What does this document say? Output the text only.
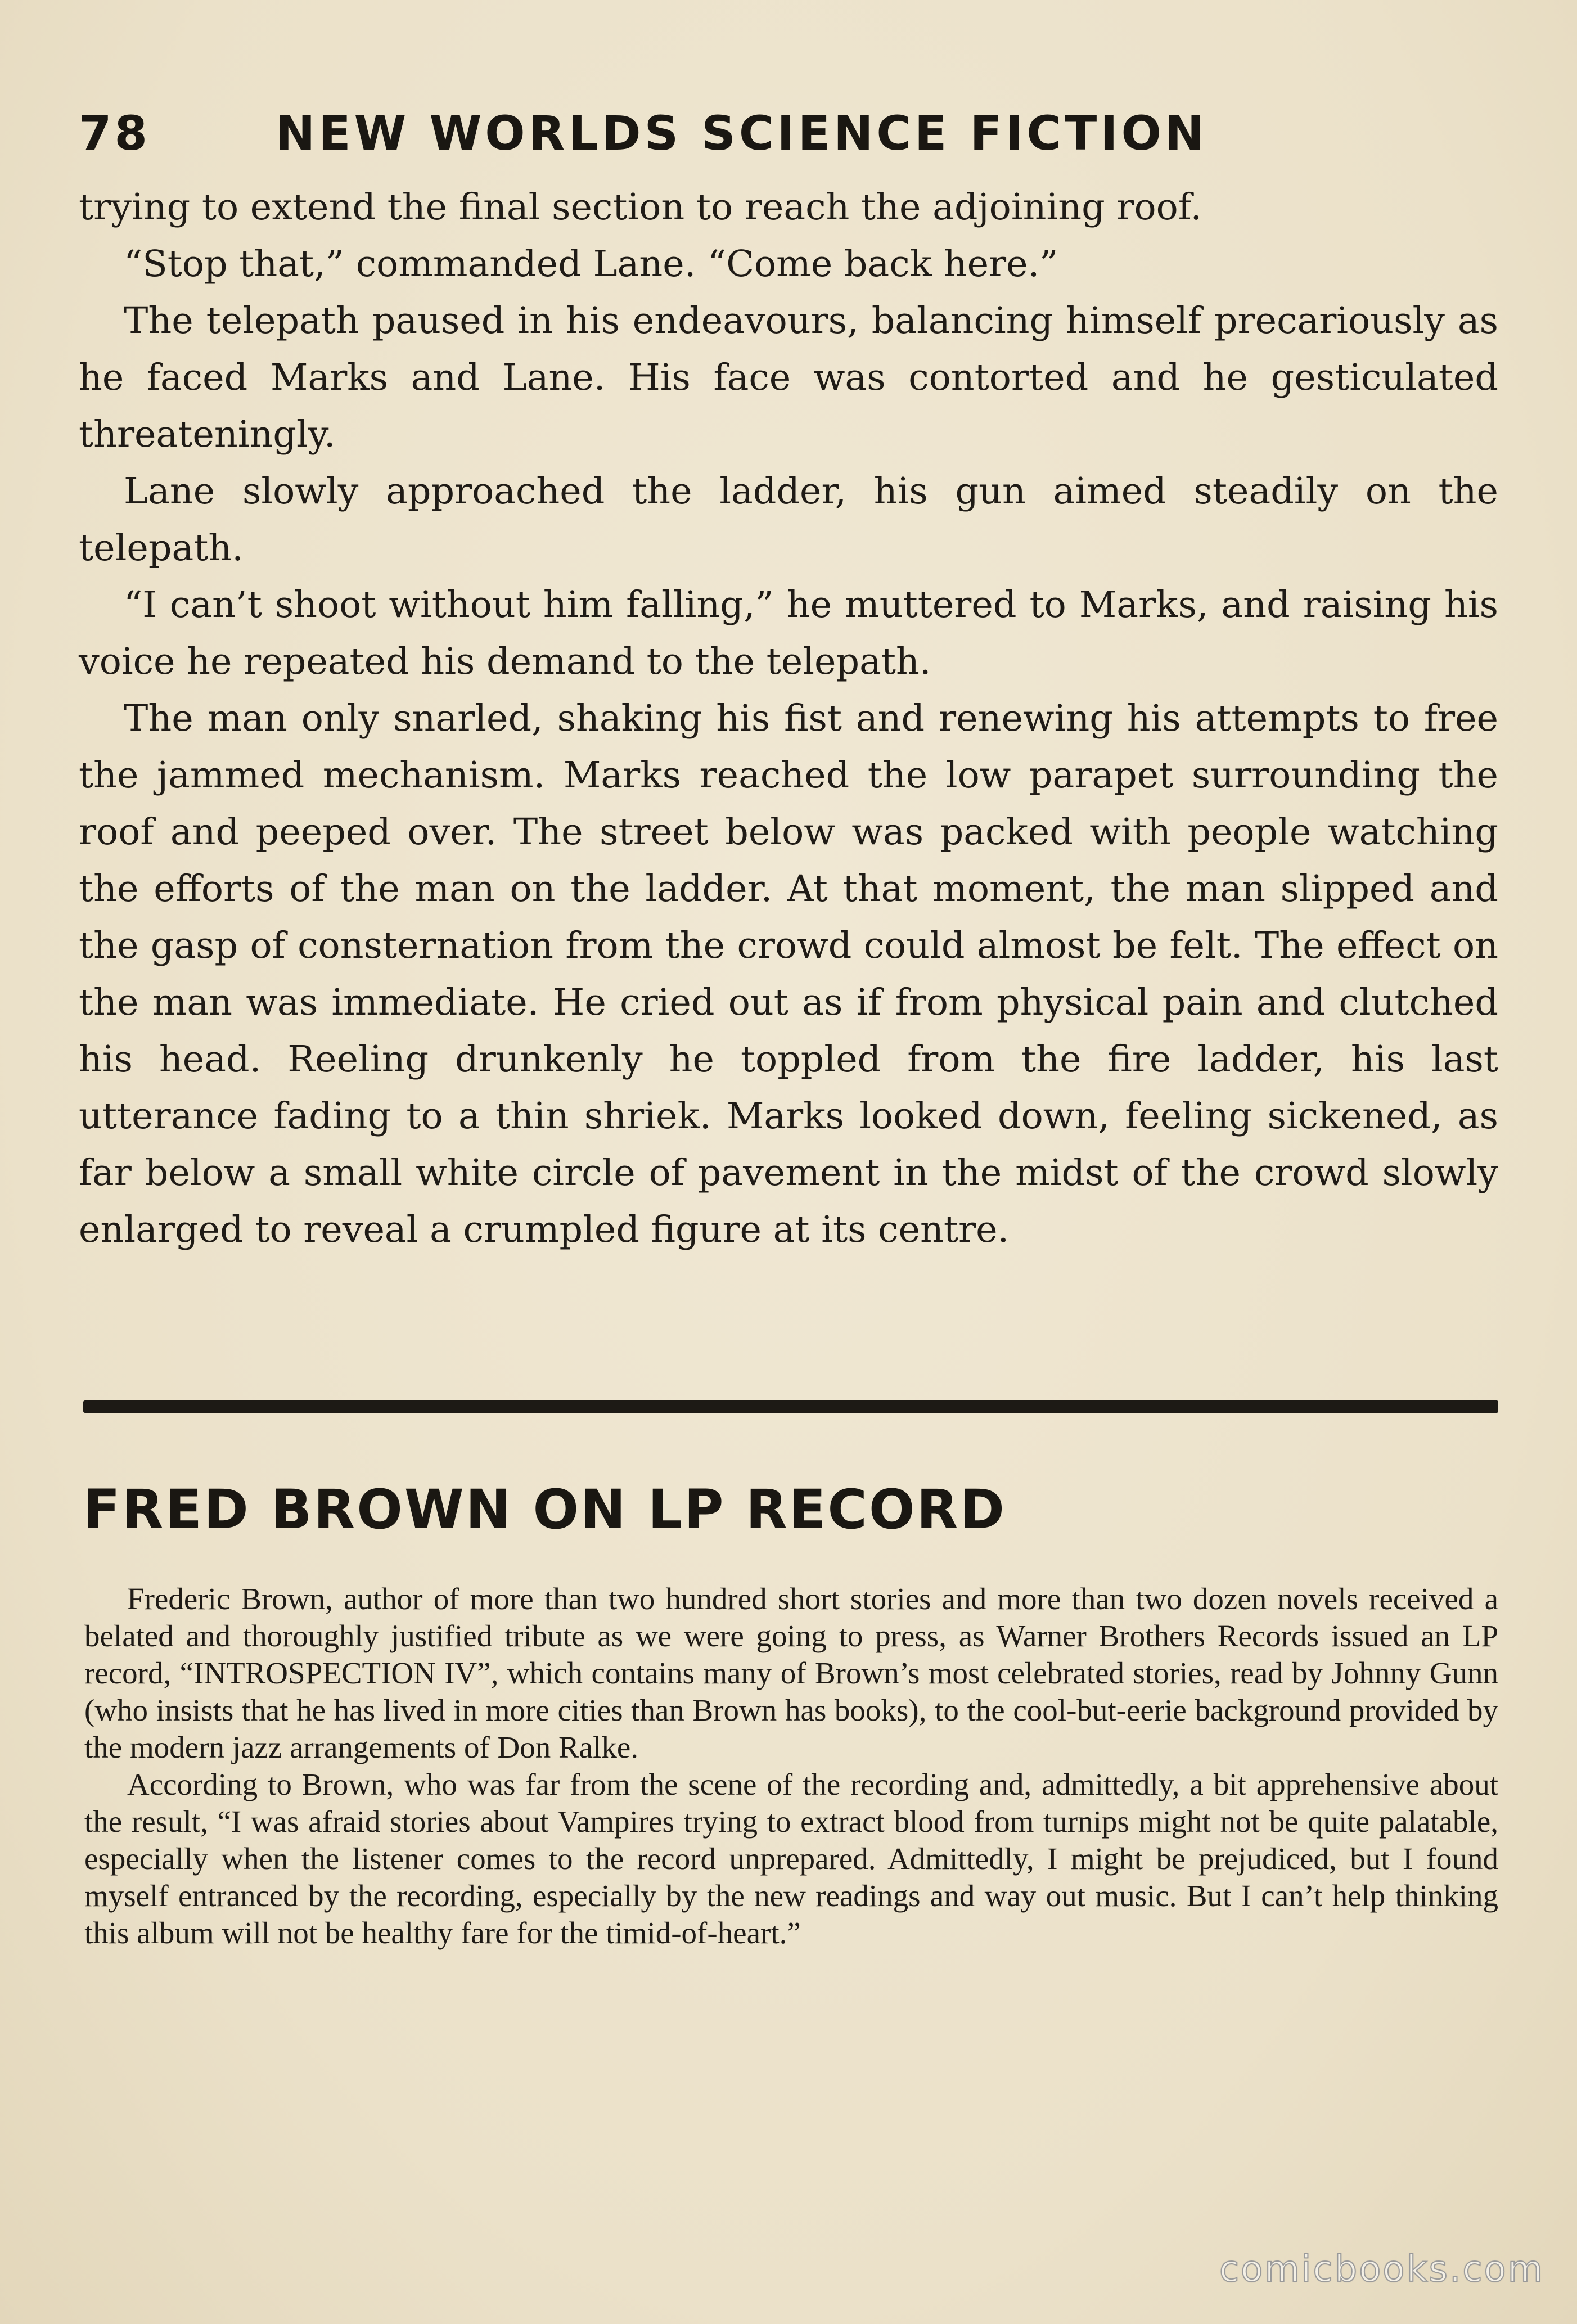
78	NEW WORLDS SCIENCE FICTION

trying to extend the final section to reach the adjoining roof.

“Stop that,” commanded Lane. “Come back here.”

The telepath paused in his endeavours, balancing himself precariously as he faced Marks and Lane. His face was contorted and he gesticulated threateningly.

Lane slowly approached the ladder, his gun aimed steadily on the telepath.

“I can’t shoot without him falling,” he muttered to Marks, and raising his voice he repeated his demand to the telepath.

The man only snarled, shaking his fist and renewing his attempts to free the jammed mechanism. Marks reached the low parapet surrounding the roof and peeped over. The street below was packed with people watching the efforts of the man on the ladder. At that moment, the man slipped and the gasp of consternation from the crowd could almost be felt. The effect on the man was immediate. He cried out as if from physical pain and clutched his head. Reeling drunkenly he toppled from the fire ladder, his last utterance fading to a thin shriek. Marks looked down, feeling sickened, as far below a small white circle of pavement in the midst of the crowd slowly enlarged to reveal a crumpled figure at its centre.

FRED BROWN ON LP RECORD

Frederic Brown, author of more than two hundred short stories and more than two dozen novels received a belated and thoroughly justified tribute as we were going to press, as Warner Brothers Records issued an LP record, “INTROSPECTION IV”, which contains many of Brown’s most celebrated stories, read by Johnny Gunn (who insists that he has lived in more cities than Brown has books), to the cool-but-eerie background provided by the modern jazz arrangements of Don Ralke.

According to Brown, who was far from the scene of the recording and, admittedly, a bit apprehensive about the result, “I was afraid stories about Vampires trying to extract blood from turnips might not be quite palatable, especially when the listener comes to the record unprepared. Admittedly, I might be prejudiced, but I found myself entranced by the recording, especially by the new readings and way out music. But I can’t help thinking this album will not be healthy fare for the timid-of-heart.”

comicbooks.com
